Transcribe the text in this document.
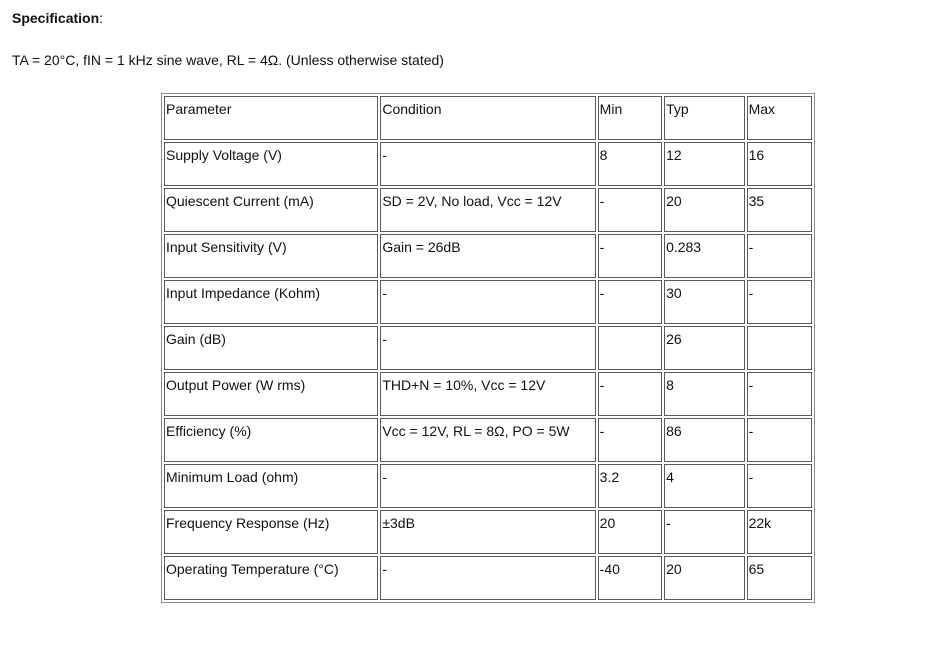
Specification:
TA = 20°C, fIN = 1 kHz sine wave, RL = 4Ω. (Unless otherwise stated)
Parameter	Condition	Min	Typ	Max
Supply Voltage (V)	-	8	12	16
Quiescent Current (mA)	SD = 2V, No load, Vcc = 12V	-	20	35
Input Sensitivity (V)	Gain = 26dB	-	0.283	-
Input Impedance (Kohm)	-	-	30	-
Gain (dB)	-		26	
Output Power (W rms)	THD+N = 10%, Vcc = 12V	-	8	-
Efficiency (%)	Vcc = 12V, RL = 8Ω, PO = 5W	-	86	-
Minimum Load (ohm)	-	3.2	4	-
Frequency Response (Hz)	±3dB	20	-	22k
Operating Temperature (°C)	-	-40	20	65
